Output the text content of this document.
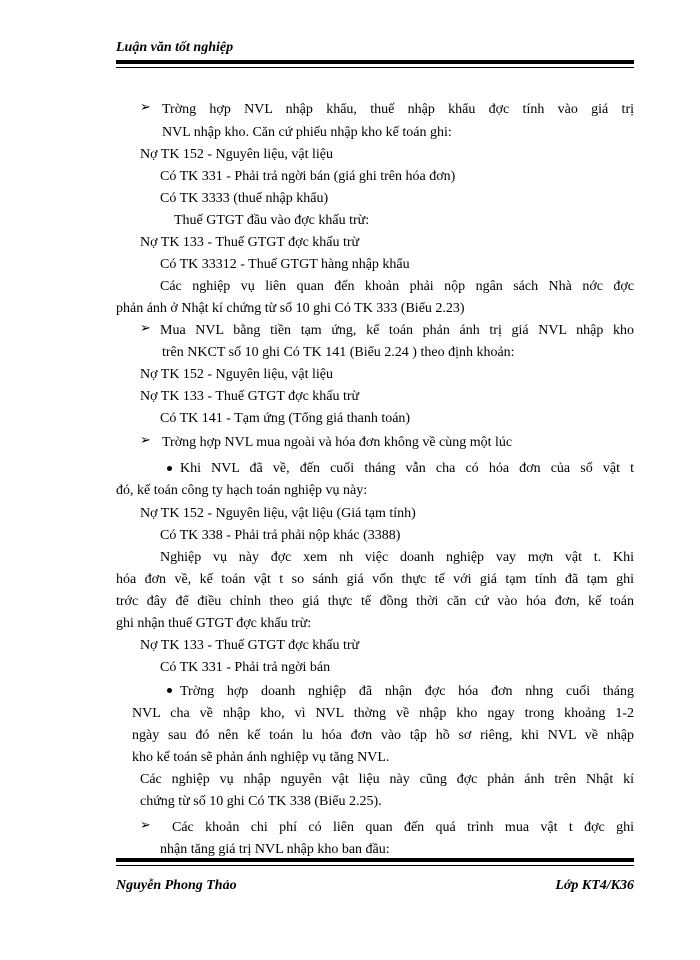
Luận văn tốt nghiệp
➢
➢
➢
➢
Trờng hợp NVL nhập khẩu, thuế nhập khẩu đợc tính vào giá trị
NVL nhập kho. Căn cứ phiếu nhập kho kế toán ghi:
Nợ TK 152 - Nguyên liệu, vật liệu
Có TK 331 - Phải trả ngời bán (giá ghi trên hóa đơn)
Có TK 3333 (thuế nhập khẩu)
Thuế GTGT đầu vào đợc khấu trừ:
Nợ TK 133 - Thuế GTGT đợc khấu trừ
Có TK 33312 - Thuế GTGT hàng nhập khẩu
Các nghiệp vụ liên quan đến khoản phải nộp ngân sách Nhà nớc đợc
phản ánh ở Nhật kí chứng từ số 10 ghi Có TK 333 (Biểu 2.23)
Mua NVL bằng tiền tạm ứng, kế toán phản ánh trị giá NVL nhập kho
trên NKCT số 10 ghi Có TK 141 (Biểu 2.24 ) theo định khoản:
Nợ TK 152 - Nguyên liệu, vật liệu
Nợ TK 133 - Thuế GTGT đợc khấu trừ
Có TK 141 - Tạm ứng (Tổng giá thanh toán)
Trờng hợp NVL mua ngoài và hóa đơn không về cùng một lúc
Khi NVL đã về, đến cuối tháng vẫn cha có hóa đơn của số vật t
đó, kế toán công ty hạch toán nghiệp vụ này:
Nợ TK 152 - Nguyên liệu, vật liệu (Giá tạm tính)
Có TK 338 - Phải trả phải nộp khác (3388)
Nghiệp vụ này đợc xem nh việc doanh nghiệp vay mợn vật t. Khi
hóa đơn về, kế toán vật t so sánh giá vốn thực tế với giá tạm tính đã tạm ghi
trớc đây để điều chỉnh theo giá thực tế đồng thời căn cứ vào hóa đơn, kế toán
ghi nhận thuế GTGT đợc khấu trừ:
Nợ TK 133 - Thuế GTGT đợc khấu trừ
Có TK 331 - Phải trả ngời bán
Trờng hợp doanh nghiệp đã nhận đợc hóa đơn nhng cuối tháng
NVL cha về nhập kho, vì NVL thờng về nhập kho ngay trong khoảng 1-2
ngày sau đó nên kế toán lu hóa đơn vào tập hồ sơ riêng, khi NVL về nhập
kho kế toán sẽ phản ánh nghiệp vụ tăng NVL.
Các nghiệp vụ nhập nguyên vật liệu này cũng đợc phản ánh trên Nhật kí
chứng từ số 10 ghi Có TK 338 (Biểu 2.25).
Các khoản chi phí có liên quan đến quá trình mua vật t đợc ghi
nhận tăng giá trị NVL nhập kho ban đầu:
Nguyễn Phong Thảo	Lớp KT4/K36
